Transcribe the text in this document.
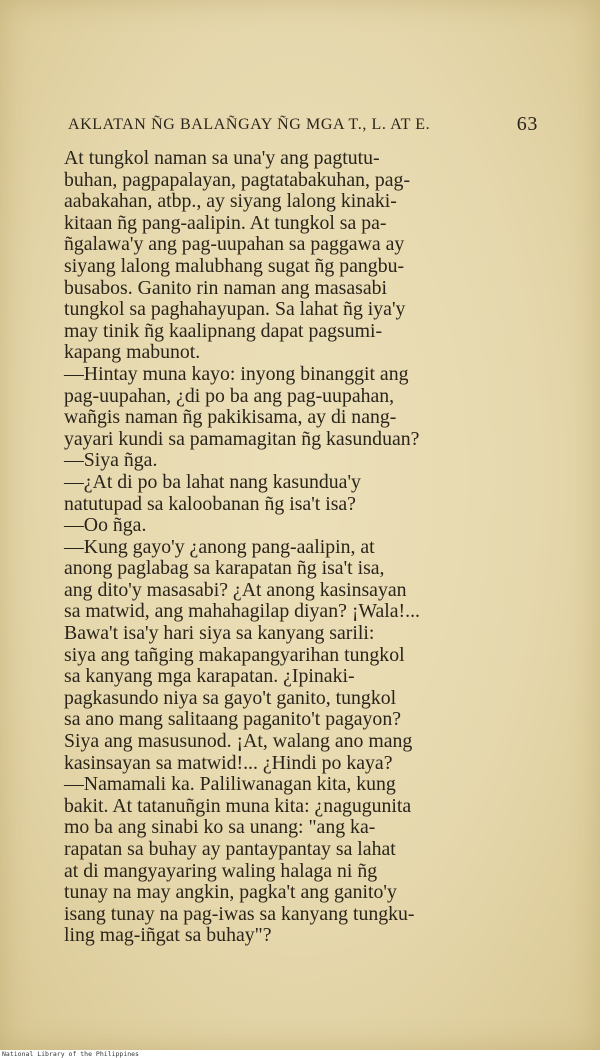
AKLATAN ÑG BALAÑGAY ÑG MGA T., L. AT E.	63
At tungkol naman sa una'y ang pagtutu-
buhan, pagpapalayan, pagtatabakuhan, pag-
aabakahan, atbp., ay siyang lalong kinaki-
kitaan ñg pang-aalipin. At tungkol sa pa-
ñgalawa'y ang pag-uupahan sa paggawa ay
siyang lalong malubhang sugat ñg pangbu-
busabos. Ganito rin naman ang masasabi
tungkol sa paghahayupan. Sa lahat ñg iya'y
may tinik ñg kaalipnang dapat pagsumi-
kapang mabunot.
—Hintay muna kayo: inyong binanggit ang
pag-uupahan, ¿di po ba ang pag-uupahan,
wañgis naman ñg pakikisama, ay di nang-
yayari kundi sa pamamagitan ñg kasunduan?
—Siya ñga.
—¿At di po ba lahat nang kasundua'y
natutupad sa kaloobanan ñg isa't isa?
—Oo ñga.
—Kung gayo'y ¿anong pang-aalipin, at
anong paglabag sa karapatan ñg isa't isa,
ang dito'y masasabi? ¿At anong kasinsayan
sa matwid, ang mahahagilap diyan? ¡Wala!...
Bawa't isa'y hari siya sa kanyang sarili:
siya ang tañging makapangyarihan tungkol
sa kanyang mga karapatan. ¿Ipinaki-
pagkasundo niya sa gayo't ganito, tungkol
sa ano mang salitaang paganito't pagayon?
Siya ang masusunod. ¡At, walang ano mang
kasinsayan sa matwid!... ¿Hindi po kaya?
—Namamali ka. Paliliwanagan kita, kung
bakit. At tatanuñgin muna kita: ¿nagugunita
mo ba ang sinabi ko sa unang: "ang ka-
rapatan sa buhay ay pantaypantay sa lahat
at di mangyayaring waling halaga ni ñg
tunay na may angkin, pagka't ang ganito'y
isang tunay na pag-iwas sa kanyang tungku-
ling mag-iñgat sa buhay"?
National Library of the Philippines
